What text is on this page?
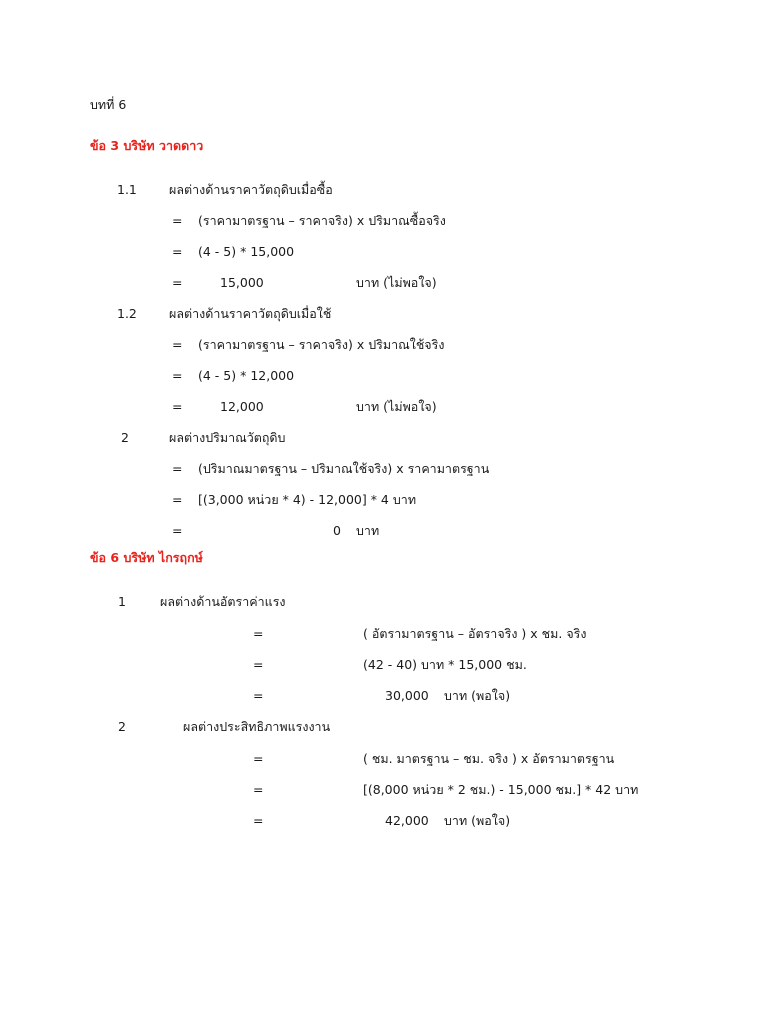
บทที่ 6
ข้อ 3 บริษัท วาดดาว
1.1	ผลต่างด้านราคาวัตถุดิบเมื่อซื้อ
= (ราคามาตรฐาน – ราคาจริง) x ปริมาณซื้อจริง
= (4 - 5) * 15,000
=	15,000	บาท (ไม่พอใจ)
1.2	ผลต่างด้านราคาวัตถุดิบเมื่อใช้
= (ราคามาตรฐาน – ราคาจริง) x ปริมาณใช้จริง
= (4 - 5) * 12,000
=	12,000	บาท (ไม่พอใจ)
2	ผลต่างปริมาณวัตถุดิบ
= (ปริมาณมาตรฐาน – ปริมาณใช้จริง) x ราคามาตรฐาน
= [(3,000 หน่วย * 4) - 12,000] * 4 บาท
=	0 บาท
ข้อ 6 บริษัท ไกรฤกษ์
1	ผลต่างด้านอัตราค่าแรง
=	( อัตรามาตรฐาน – อัตราจริง ) x ชม. จริง
=	(42 - 40) บาท * 15,000 ชม.
=	30,000 บาท (พอใจ)
2	ผลต่างประสิทธิภาพแรงงาน
=	( ชม. มาตรฐาน – ชม. จริง ) x อัตรามาตรฐาน
=	[(8,000 หน่วย * 2 ชม.) - 15,000 ชม.] * 42 บาท
=	42,000 บาท (พอใจ)
